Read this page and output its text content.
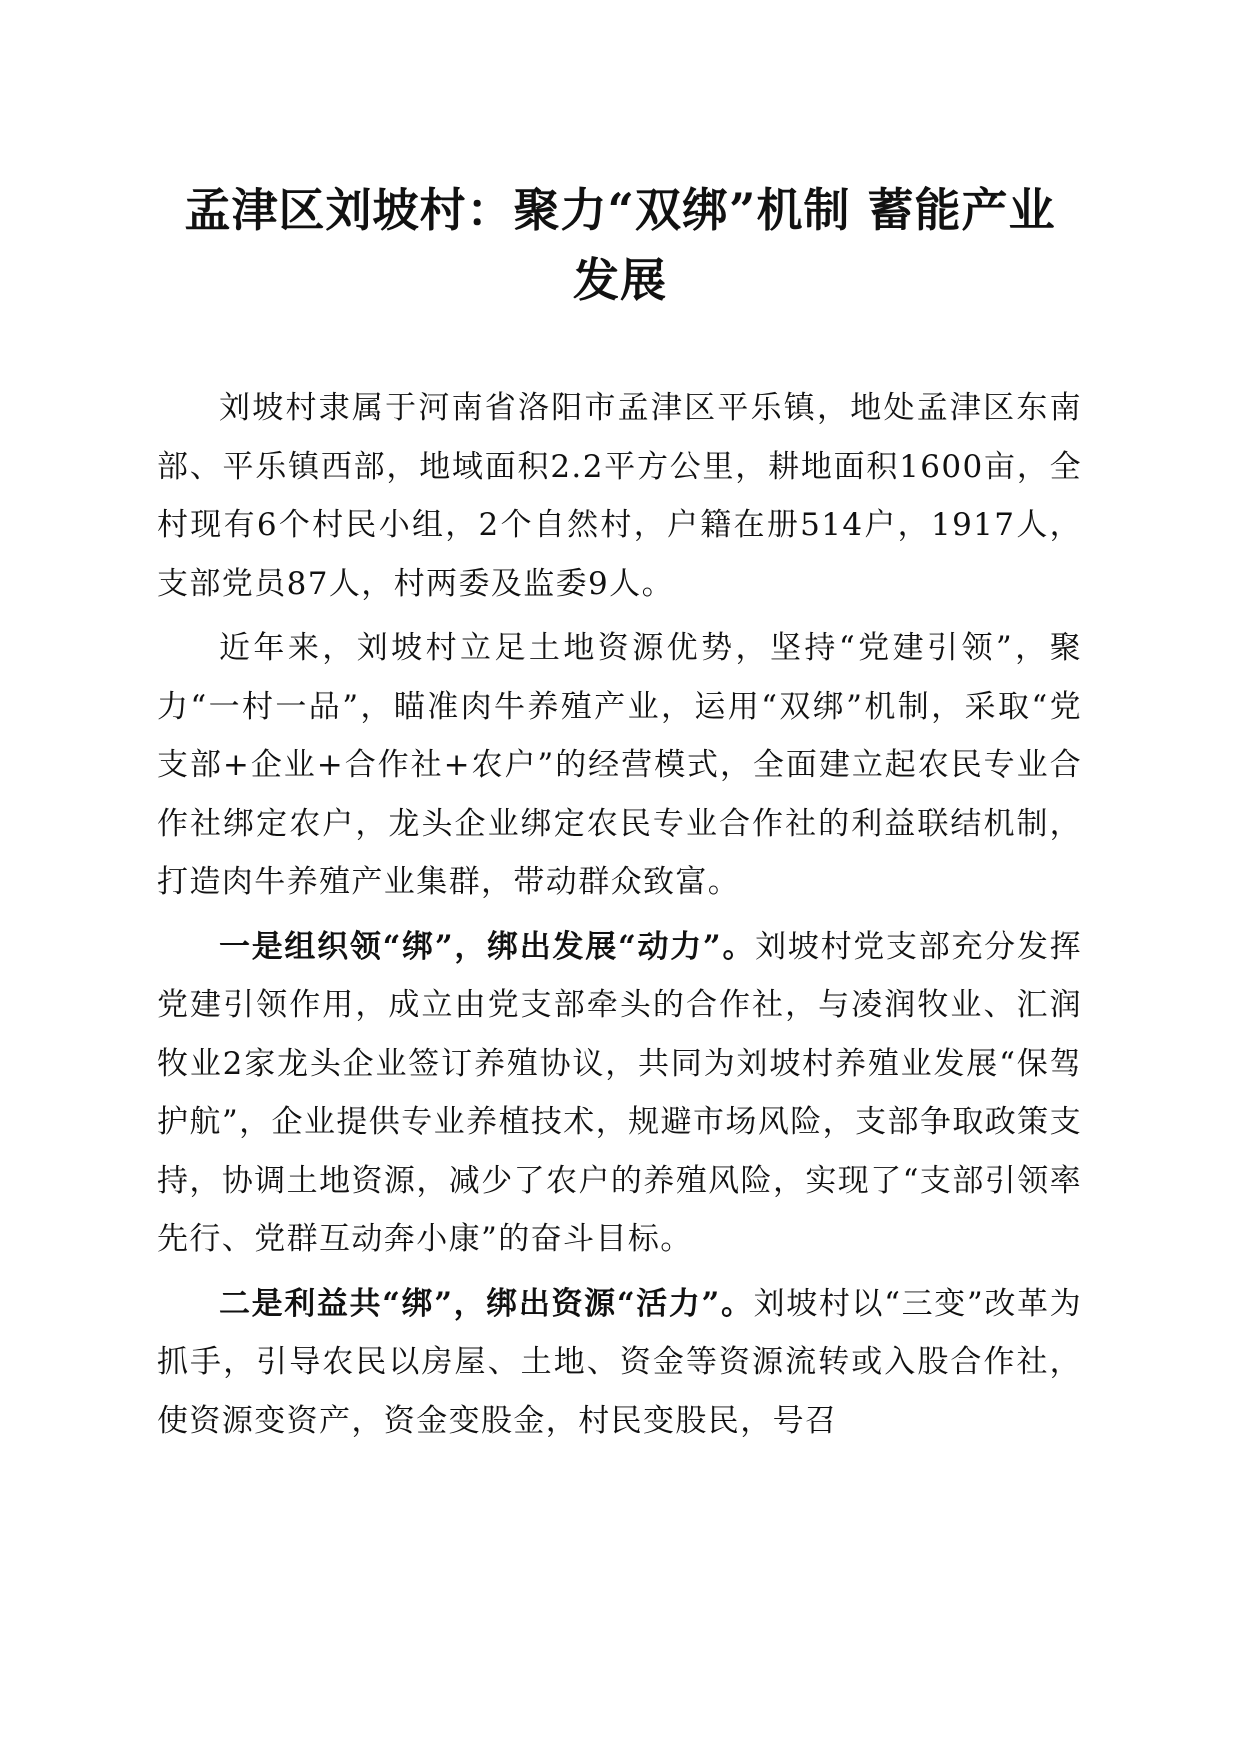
孟津区刘坡村：聚力“双绑”机制 蓄能产业
发展

刘坡村隶属于河南省洛阳市孟津区平乐镇，地处孟津区东南部、平乐镇西部，地域面积2.2平方公里，耕地面积1600亩，全村现有6个村民小组，2个自然村，户籍在册514户，1917人，支部党员87人，村两委及监委9人。

近年来，刘坡村立足土地资源优势，坚持“党建引领”，聚力“一村一品”，瞄准肉牛养殖产业，运用“双绑”机制，采取“党支部+企业+合作社+农户”的经营模式，全面建立起农民专业合作社绑定农户，龙头企业绑定农民专业合作社的利益联结机制，打造肉牛养殖产业集群，带动群众致富。

一是组织领“绑”，绑出发展“动力”。刘坡村党支部充分发挥党建引领作用，成立由党支部牵头的合作社，与凌润牧业、汇润牧业2家龙头企业签订养殖协议，共同为刘坡村养殖业发展“保驾护航”，企业提供专业养植技术，规避市场风险，支部争取政策支持，协调土地资源，减少了农户的养殖风险，实现了“支部引领率先行、党群互动奔小康”的奋斗目标。

二是利益共“绑”，绑出资源“活力”。刘坡村以“三变”改革为抓手，引导农民以房屋、土地、资金等资源流转或入股合作社，使资源变资产，资金变股金，村民变股民，号召
